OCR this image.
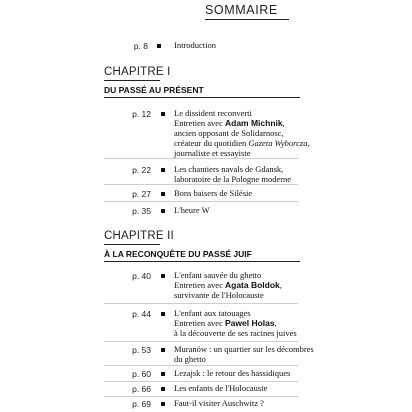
SOMMAIRE
p. 8	Introduction
CHAPITRE I
DU PASSÉ AU PRÉSENT
p. 12	Le dissident reconverti
Entretien avec Adam Michnik,
ancien opposant de Solidarnosc,
créateur du quotidien Gazeta Wyborcza,
journaliste et essayiste
p. 22	Les chantiers navals de Gdansk,
laboratoire de la Pologne moderne
p. 27	Bons baisers de Silésie
p. 35	L'heure W
CHAPITRE II
À LA RECONQUÊTE DU PASSÉ JUIF
p. 40	L'enfant sauvée du ghetto
Entretien avec Agata Boldok,
survivante de l'Holocauste
p. 44	L'enfant aux tatouages
Entretien avec Pawel Holas,
à la découverte de ses racines juives
p. 53	Muranów : un quartier sur les décombres
du ghetto
p. 60	Lezajsk : le retour des hassidiques
p. 66	Les enfants de l'Holocauste
p. 69	Faut-il visiter Auschwitz ?
